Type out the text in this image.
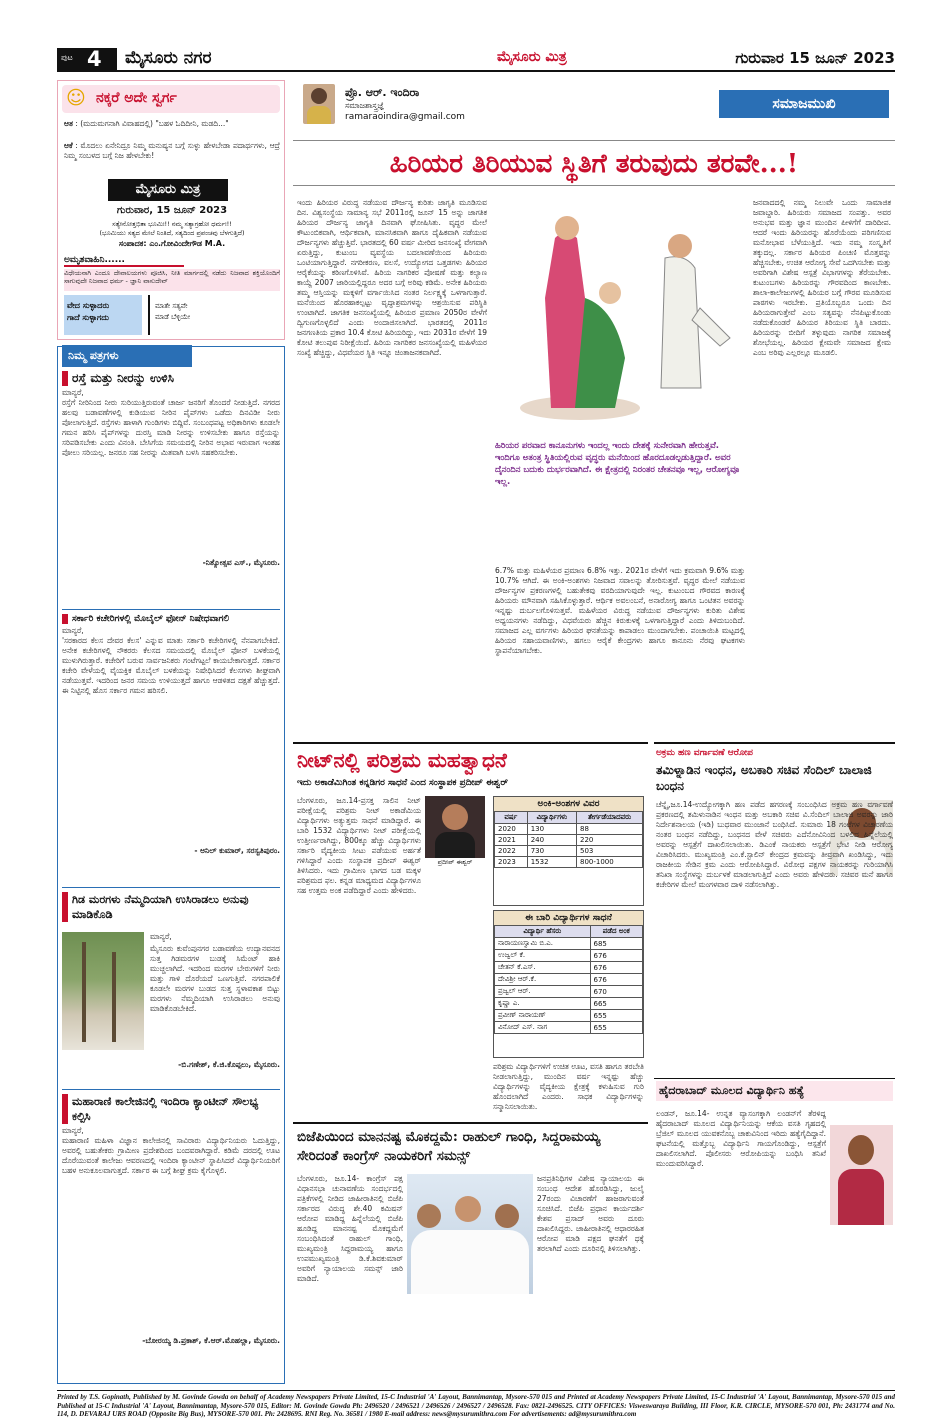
ಪುಟ 4 ಮೈಸೂರು ನಗರ	ಮೈಸೂರು ಮಿತ್ರ	ಗುರುವಾರ 15 ಜೂನ್ 2023
☺ ನಕ್ಕರೆ ಅದೇ ಸ್ವರ್ಗ
ಆತ : (ಮದುಮಗನಾಗಿ ವಿವಾಹದಲ್ಲಿ) "ಬಹಳ ಓದಿದೀನಿ, ಮಡದಿ..."
ಆಕೆ : ಮೊದಲು ಏನೇನಿದ್ರೂ ನಿಮ್ಮ ಮನುಷ್ಯನ ಬಗ್ಗೆ ಸುಳ್ಳು ಹೇಳಬೇಡಾ ಪದಾರ್ಥಗಳು, ಆದ್ರೆ ನಿಮ್ಮ ಸಂಬಳದ ಬಗ್ಗೆ ನಿಜ ಹೇಳಬೇಕು!
ಮೈಸೂರು ಮಿತ್ರ
ಗುರುವಾರ, 15 ಜೂನ್ 2023
ಸತ್ಯೇನೋತ್ತಭಿತಾ ಭೂಮಿಃ!! ನಮ್ಮ ಸತ್ಯಾಗ್ರಹೋ ಧರ್ಮಃ!!
(ಭೂಮಿಯು ಸತ್ಯದ ಮೇಲೆ ನಿಂತಿದೆ, ಸತ್ಯದಿಂದ ಪ್ರಪಂಚವು ಬೆಳಗುತ್ತಿದೆ)
ಸಂಪಾದಕ: ಎಂ.ಗೋವಿಂದೇಗೌಡ M.A.
ಅಮೃತವಾಹಿನಿ......
ವಿಧೇಯನಾಗಿ ಎಂದೂ ದೇವಾಲಯಗಳು ಪೂಜಿಸಿ, ನೀತಿ ಮಾರ್ಗದಲ್ಲಿ ನಡೆದು ನಿಜವಾದ ಶಕ್ತಿಯೊಂದಿಗೆ ಸಾಗುವುದೇ ನಿಜವಾದ ಧರ್ಮ - ಜ್ಞಾನಿ ವಾಸುದೇವ್
ವೇದ ಸುಳ್ಳಾದರು
ಗಾದೆ ಸುಳ್ಳಾಗದು
ಮಾತೇ ಸತ್ಯವೇ
ಮಾಡೆ ಬೆಳ್ಳಿಯೇ
ನಿಮ್ಮ ಪತ್ರಗಳು
ರಸ್ತೆ ಮತ್ತು ನೀರನ್ನು ಉಳಿಸಿ
ಮಾನ್ಯರೆ,
ರಸ್ತೆಗೆ ನೀರಿನಿಂದ ನೀರು ಸುರಿಯುತ್ತಿರುವಂತೆ ಚಾರ್ಜ ಜನರಿಗೆ ತೊಂದರೆ ನೀಡುತ್ತಿದೆ. ನಗರದ ಹಲವು ಬಡಾವಣೆಗಳಲ್ಲಿ ಕುಡಿಯುವ ನೀರಿನ ಪೈಪ್‌ಗಳು ಒಡೆದು ದಿನವಿಡೀ ನೀರು ಪೋಲಾಗುತ್ತಿದೆ. ರಸ್ತೆಗಳು ಹಾಳಾಗಿ ಗುಂಡಿಗಳು ಬಿದ್ದಿವೆ. ಸಂಬಂಧಪಟ್ಟ ಅಧಿಕಾರಿಗಳು ಕೂಡಲೇ ಗಮನ ಹರಿಸಿ ಪೈಪ್‌ಗಳನ್ನು ದುರಸ್ತಿ ಮಾಡಿ ನೀರನ್ನು ಉಳಿಸಬೇಕು ಹಾಗೂ ರಸ್ತೆಯನ್ನು ಸರಿಪಡಿಸಬೇಕು ಎಂದು ವಿನಂತಿ. ಬೇಸಿಗೆಯ ಸಮಯದಲ್ಲಿ ನೀರಿನ ಅಭಾವ ಇರುವಾಗ ಇಂತಹ ಪೋಲು ಸರಿಯಲ್ಲ. ಜನರೂ ಸಹ ನೀರನ್ನು ಮಿತವಾಗಿ ಬಳಸಿ ಸಹಕರಿಸಬೇಕು.
-ನಿತ್ಯೋತ್ಸವ ಎಸ್., ಮೈಸೂರು.
ಸರ್ಕಾರಿ ಕಚೇರಿಗಳಲ್ಲಿ ಮೊಬೈಲ್ ಫೋನ್ ನಿಷೇಧವಾಗಲಿ
ಮಾನ್ಯರೆ,
'ಸರಕಾರದ ಕೆಲಸ ದೇವರ ಕೆಲಸ' ಎನ್ನುವ ಮಾತು ಸರ್ಕಾರಿ ಕಚೇರಿಗಳಲ್ಲಿ ನೆನಪಾಗಬೇಕಿದೆ. ಅನೇಕ ಕಚೇರಿಗಳಲ್ಲಿ ನೌಕರರು ಕೆಲಸದ ಸಮಯದಲ್ಲಿ ಮೊಬೈಲ್ ಫೋನ್ ಬಳಕೆಯಲ್ಲಿ ಮುಳುಗಿರುತ್ತಾರೆ. ಕಚೇರಿಗೆ ಬರುವ ಸಾರ್ವಜನಿಕರು ಗಂಟೆಗಟ್ಟಲೆ ಕಾಯಬೇಕಾಗುತ್ತದೆ. ಸರ್ಕಾರ ಕಚೇರಿ ವೇಳೆಯಲ್ಲಿ ವೈಯಕ್ತಿಕ ಮೊಬೈಲ್ ಬಳಕೆಯನ್ನು ನಿಷೇಧಿಸಿದರೆ ಕೆಲಸಗಳು ಶೀಘ್ರವಾಗಿ ನಡೆಯುತ್ತವೆ. ಇದರಿಂದ ಜನರ ಸಮಯ ಉಳಿಯುತ್ತದೆ ಹಾಗೂ ಆಡಳಿತದ ದಕ್ಷತೆ ಹೆಚ್ಚುತ್ತದೆ. ಈ ನಿಟ್ಟಿನಲ್ಲಿ ಹೊಸ ಸರ್ಕಾರ ಗಮನ ಹರಿಸಲಿ.
- ಅನಿಲ್ ಕುಮಾರ್, ಸರಸ್ವತಿಪುರಂ.
ಗಿಡ ಮರಗಳು ನೆಮ್ಮದಿಯಾಗಿ ಉಸಿರಾಡಲು ಅನುವು ಮಾಡಿಕೊಡಿ
ಮಾನ್ಯರೆ,
ಮೈಸೂರು ಕುವೆಂಪುನಗರ ಬಡಾವಣೆಯ ಉದ್ಯಾನವನದ ಸುತ್ತ ಗಿಡಮರಗಳ ಬುಡಕ್ಕೆ ಸಿಮೆಂಟ್ ಹಾಕಿ ಮುಚ್ಚಲಾಗಿದೆ. ಇದರಿಂದ ಮರಗಳ ಬೇರುಗಳಿಗೆ ನೀರು ಮತ್ತು ಗಾಳಿ ದೊರೆಯದೆ ಒಣಗುತ್ತಿವೆ. ನಗರಪಾಲಿಕೆ ಕೂಡಲೇ ಮರಗಳ ಬುಡದ ಸುತ್ತ ಸ್ಥಳಾವಕಾಶ ಬಿಟ್ಟು ಮರಗಳು ನೆಮ್ಮದಿಯಾಗಿ ಉಸಿರಾಡಲು ಅನುವು ಮಾಡಿಕೊಡಬೇಕಿದೆ.
-ಬಿ.ಗಣೇಶ್, ಕೆ.ಜಿ.ಕೊಪ್ಪಲು, ಮೈಸೂರು.
ಮಹಾರಾಣಿ ಕಾಲೇಜಿನಲ್ಲಿ ಇಂದಿರಾ ಕ್ಯಾಂಟೀನ್ ಸೌಲಭ್ಯ ಕಲ್ಪಿಸಿ
ಮಾನ್ಯರೆ,
ಮಹಾರಾಣಿ ಮಹಿಳಾ ವಿಜ್ಞಾನ ಕಾಲೇಜಿನಲ್ಲಿ ಸಾವಿರಾರು ವಿದ್ಯಾರ್ಥಿನಿಯರು ಓದುತ್ತಿದ್ದು, ಅವರಲ್ಲಿ ಬಹುತೇಕರು ಗ್ರಾಮೀಣ ಪ್ರದೇಶದಿಂದ ಬಂದವರಾಗಿದ್ದಾರೆ. ಕಡಿಮೆ ದರದಲ್ಲಿ ಊಟ ದೊರೆಯುವಂತೆ ಕಾಲೇಜು ಆವರಣದಲ್ಲಿ ಇಂದಿರಾ ಕ್ಯಾಂಟೀನ್ ಸ್ಥಾಪಿಸಿದರೆ ವಿದ್ಯಾರ್ಥಿನಿಯರಿಗೆ ಬಹಳ ಅನುಕೂಲವಾಗುತ್ತದೆ. ಸರ್ಕಾರ ಈ ಬಗ್ಗೆ ಶೀಘ್ರ ಕ್ರಮ ಕೈಗೊಳ್ಳಲಿ.
-ಬೋರಯ್ಯ ಡಿ.ಪ್ರಕಾಶ್, ಕೆ.ಆರ್.ಮೊಹಲ್ಲಾ, ಮೈಸೂರು.
ಪ್ರೊ. ಆರ್. ಇಂದಿರಾ
ಸಮಾಜಶಾಸ್ತ್ರಜ್ಞೆ
ramaraoindira@gmail.com
ಸಮಾಜಮುಖಿ
ಹಿರಿಯರ ತಿರಿಯುವ ಸ್ಥಿತಿಗೆ ತರುವುದು ತರವೇ...!
ಇಂದು ಹಿರಿಯರ ವಿರುದ್ಧ ನಡೆಯುವ ದೌರ್ಜನ್ಯ ಕುರಿತು ಜಾಗೃತಿ ಮೂಡಿಸುವ ದಿನ. ವಿಶ್ವಸಂಸ್ಥೆಯ ಸಾಮಾನ್ಯ ಸಭೆ 2011ರಲ್ಲಿ ಜೂನ್ 15 ಅನ್ನು ಜಾಗತಿಕ ಹಿರಿಯರ ದೌರ್ಜನ್ಯ ಜಾಗೃತಿ ದಿನವಾಗಿ ಘೋಷಿಸಿತು. ವೃದ್ಧರ ಮೇಲೆ ಕೌಟುಂಬಿಕವಾಗಿ, ಆರ್ಥಿಕವಾಗಿ, ಮಾನಸಿಕವಾಗಿ ಹಾಗೂ ದೈಹಿಕವಾಗಿ ನಡೆಯುವ ದೌರ್ಜನ್ಯಗಳು ಹೆಚ್ಚುತ್ತಿವೆ. ಭಾರತದಲ್ಲಿ 60 ವರ್ಷ ಮೀರಿದ ಜನಸಂಖ್ಯೆ ವೇಗವಾಗಿ ಏರುತ್ತಿದ್ದು, ಕುಟುಂಬ ವ್ಯವಸ್ಥೆಯ ಬದಲಾವಣೆಯಿಂದ ಹಿರಿಯರು ಒಂಟಿಯಾಗುತ್ತಿದ್ದಾರೆ. ನಗರೀಕರಣ, ವಲಸೆ, ಉದ್ಯೋಗದ ಒತ್ತಡಗಳು ಹಿರಿಯರ ಆರೈಕೆಯನ್ನು ಕಠಿಣಗೊಳಿಸಿವೆ. ಹಿರಿಯ ನಾಗರಿಕರ ಪೋಷಣೆ ಮತ್ತು ಕಲ್ಯಾಣ ಕಾಯ್ದೆ 2007 ಜಾರಿಯಲ್ಲಿದ್ದರೂ ಅದರ ಬಗ್ಗೆ ಅರಿವು ಕಡಿಮೆ. ಅನೇಕ ಹಿರಿಯರು ತಮ್ಮ ಆಸ್ತಿಯನ್ನು ಮಕ್ಕಳಿಗೆ ವರ್ಗಾಯಿಸಿದ ನಂತರ ನಿರ್ಲಕ್ಷ್ಯಕ್ಕೆ ಒಳಗಾಗುತ್ತಾರೆ. ಮನೆಯಿಂದ ಹೊರಹಾಕಲ್ಪಟ್ಟು ವೃದ್ಧಾಶ್ರಮಗಳನ್ನು ಆಶ್ರಯಿಸುವ ಪರಿಸ್ಥಿತಿ ಉಂಟಾಗಿದೆ. ಜಾಗತಿಕ ಜನಸಂಖ್ಯೆಯಲ್ಲಿ ಹಿರಿಯರ ಪ್ರಮಾಣ 2050ರ ವೇಳೆಗೆ ದ್ವಿಗುಣಗೊಳ್ಳಲಿದೆ ಎಂದು ಅಂದಾಜಿಸಲಾಗಿದೆ. ಭಾರತದಲ್ಲಿ 2011ರ ಜನಗಣತಿಯ ಪ್ರಕಾರ 10.4 ಕೋಟಿ ಹಿರಿಯರಿದ್ದು, ಇದು 2031ರ ವೇಳೆಗೆ 19 ಕೋಟಿ ತಲುಪುವ ನಿರೀಕ್ಷೆಯಿದೆ. ಹಿರಿಯ ನಾಗರಿಕರ ಜನಸಂಖ್ಯೆಯಲ್ಲಿ ಮಹಿಳೆಯರ ಸಂಖ್ಯೆ ಹೆಚ್ಚಿದ್ದು, ವಿಧವೆಯರ ಸ್ಥಿತಿ ಇನ್ನೂ ಚಿಂತಾಜನಕವಾಗಿದೆ.
ಹಿರಿಯರ ಪರವಾದ ಕಾನೂನುಗಳು ಇಂದಲ್ಲ ಇಂದು ದೇಶಕ್ಕೆ ಸುನೇರವಾಗಿ ಹೇರುತ್ತವೆ. ಇಂದಿಗೂ ಅತಂತ್ರ ಸ್ಥಿತಿಯಲ್ಲಿರುವ ವೃದ್ಧರು ಮನೆಯಿಂದ ಹೊರದೂಡಲ್ಪಡುತ್ತಿದ್ದಾರೆ. ಅವರ ದೈನಂದಿನ ಬದುಕು ದುರ್ಭರವಾಗಿದೆ. ಈ ಕ್ಷೇತ್ರದಲ್ಲಿ ನಿರಂತರ ಚೇತನವೂ ಇಲ್ಲ, ಆರೋಗ್ಯವೂ ಇಲ್ಲ.
ಜನವಾದದಲ್ಲಿ ನಮ್ಮ ನಿಲುವೇ ಒಂದು ಸಾಮಾಜಿಕ ಜವಾಬ್ದಾರಿ. ಹಿರಿಯರು ಸಮಾಜದ ಸಂಪತ್ತು. ಅವರ ಅನುಭವ ಮತ್ತು ಜ್ಞಾನ ಮುಂದಿನ ಪೀಳಿಗೆಗೆ ದಾರಿದೀಪ. ಆದರೆ ಇಂದು ಹಿರಿಯರನ್ನು ಹೊರೆಯೆಂದು ಪರಿಗಣಿಸುವ ಮನೋಭಾವ ಬೆಳೆಯುತ್ತಿದೆ. ಇದು ನಮ್ಮ ಸಂಸ್ಕೃತಿಗೆ ತಕ್ಕುದಲ್ಲ. ಸರ್ಕಾರ ಹಿರಿಯರ ಪಿಂಚಣಿ ಮೊತ್ತವನ್ನು ಹೆಚ್ಚಿಸಬೇಕು, ಉಚಿತ ಆರೋಗ್ಯ ಸೇವೆ ಒದಗಿಸಬೇಕು ಮತ್ತು ಅವರಿಗಾಗಿ ವಿಶೇಷ ಆಸ್ಪತ್ರೆ ವಿಭಾಗಗಳನ್ನು ತೆರೆಯಬೇಕು. ಕುಟುಂಬಗಳು ಹಿರಿಯರನ್ನು ಗೌರವದಿಂದ ಕಾಣಬೇಕು. ಶಾಲಾ-ಕಾಲೇಜುಗಳಲ್ಲಿ ಹಿರಿಯರ ಬಗ್ಗೆ ಗೌರವ ಮೂಡಿಸುವ ಪಾಠಗಳು ಇರಬೇಕು. ಪ್ರತಿಯೊಬ್ಬರೂ ಒಂದು ದಿನ ಹಿರಿಯರಾಗುತ್ತೇವೆ ಎಂಬ ಸತ್ಯವನ್ನು ನೆನಪಿಟ್ಟುಕೊಂಡು ನಡೆದುಕೊಂಡರೆ ಹಿರಿಯರ ತಿರಿಯುವ ಸ್ಥಿತಿ ಬಾರದು. ಹಿರಿಯರನ್ನು ಬೀದಿಗೆ ತಳ್ಳುವುದು ನಾಗರಿಕ ಸಮಾಜಕ್ಕೆ ಶೋಭೆಯಲ್ಲ. ಹಿರಿಯರ ಕ್ಷೇಮವೇ ಸಮಾಜದ ಕ್ಷೇಮ ಎಂಬ ಅರಿವು ಎಲ್ಲರಲ್ಲೂ ಮೂಡಲಿ.
6.7% ಮತ್ತು ಮಹಿಳೆಯರ ಪ್ರಮಾಣ 6.8% ಇತ್ತು. 2021ರ ವೇಳೆಗೆ ಇದು ಕ್ರಮವಾಗಿ 9.6% ಮತ್ತು 10.7% ಆಗಿದೆ. ಈ ಅಂಕಿ-ಅಂಶಗಳು ನಿಜವಾದ ಸವಾಲನ್ನು ತೋರಿಸುತ್ತವೆ. ವೃದ್ಧರ ಮೇಲೆ ನಡೆಯುವ ದೌರ್ಜನ್ಯಗಳ ಪ್ರಕರಣಗಳಲ್ಲಿ ಬಹುತೇಕವು ವರದಿಯಾಗುವುದೇ ಇಲ್ಲ. ಕುಟುಂಬದ ಗೌರವದ ಕಾರಣಕ್ಕೆ ಹಿರಿಯರು ಮೌನವಾಗಿ ಸಹಿಸಿಕೊಳ್ಳುತ್ತಾರೆ. ಆರ್ಥಿಕ ಅವಲಂಬನೆ, ಅನಾರೋಗ್ಯ ಹಾಗೂ ಒಂಟಿತನ ಅವರನ್ನು ಇನ್ನಷ್ಟು ದುರ್ಬಲಗೊಳಿಸುತ್ತವೆ. ಮಹಿಳೆಯರ ವಿರುದ್ಧ ನಡೆಯುವ ದೌರ್ಜನ್ಯಗಳು ಕುರಿತು ವಿಶೇಷ ಅಧ್ಯಯನಗಳು ನಡೆದಿದ್ದು, ವಿಧವೆಯರು ಹೆಚ್ಚಿನ ಕಿರುಕುಳಕ್ಕೆ ಒಳಗಾಗುತ್ತಿದ್ದಾರೆ ಎಂದು ತಿಳಿದುಬಂದಿದೆ. ಸಮಾಜದ ಎಲ್ಲ ವರ್ಗಗಳು ಹಿರಿಯರ ಘನತೆಯನ್ನು ಕಾಪಾಡಲು ಮುಂದಾಗಬೇಕು. ಪಂಚಾಯಿತಿ ಮಟ್ಟದಲ್ಲಿ ಹಿರಿಯರ ಸಹಾಯವಾಣಿಗಳು, ಹಗಲು ಆರೈಕೆ ಕೇಂದ್ರಗಳು ಹಾಗೂ ಕಾನೂನು ನೆರವು ಘಟಕಗಳು ಸ್ಥಾಪನೆಯಾಗಬೇಕು.
ನೀಟ್‌ನಲ್ಲಿ ಪರಿಶ್ರಮ ಮಹತ್ವಾಧನೆ
ಇದು ಅಕಾಡೆಮಿಗಿಂತ ಕನ್ನಡಿಗರ ಸಾಧನೆ ಎಂದ ಸಂಸ್ಥಾಪಕ ಪ್ರದೀಪ್ ಈಶ್ವರ್
ಪ್ರದೀಪ್ ಈಶ್ವರ್
ಬೆಂಗಳೂರು, ಜೂ.14-ಪ್ರಸಕ್ತ ಸಾಲಿನ ನೀಟ್ ಪರೀಕ್ಷೆಯಲ್ಲಿ ಪರಿಶ್ರಮ ನೀಟ್ ಅಕಾಡೆಮಿಯ ವಿದ್ಯಾರ್ಥಿಗಳು ಅತ್ಯುತ್ತಮ ಸಾಧನೆ ಮಾಡಿದ್ದಾರೆ. ಈ ಬಾರಿ 1532 ವಿದ್ಯಾರ್ಥಿಗಳು ನೀಟ್ ಪರೀಕ್ಷೆಯಲ್ಲಿ ಉತ್ತೀರ್ಣರಾಗಿದ್ದು, 800ಕ್ಕೂ ಹೆಚ್ಚು ವಿದ್ಯಾರ್ಥಿಗಳು ಸರ್ಕಾರಿ ವೈದ್ಯಕೀಯ ಸೀಟು ಪಡೆಯುವ ಅರ್ಹತೆ ಗಳಿಸಿದ್ದಾರೆ ಎಂದು ಸಂಸ್ಥಾಪಕ ಪ್ರದೀಪ್ ಈಶ್ವರ್ ತಿಳಿಸಿದರು. ಇದು ಗ್ರಾಮೀಣ ಭಾಗದ ಬಡ ಮಕ್ಕಳ ಪರಿಶ್ರಮದ ಫಲ. ಕನ್ನಡ ಮಾಧ್ಯಮದ ವಿದ್ಯಾರ್ಥಿಗಳೂ ಸಹ ಉತ್ತಮ ಅಂಕ ಪಡೆದಿದ್ದಾರೆ ಎಂದು ಹೇಳಿದರು.
ಅಂಕಿ-ಅಂಶಗಳ ವಿವರ
ವರ್ಷ	ವಿದ್ಯಾರ್ಥಿಗಳು	ತೇರ್ಗಡೆಯಾದವರು
2020	130	88
2021	240	220
2022	730	503
2023	1532	800-1000
ಈ ಬಾರಿ ವಿದ್ಯಾರ್ಥಿಗಳ ಸಾಧನೆ
ವಿದ್ಯಾರ್ಥಿ ಹೆಸರು	ಪಡೆದ ಅಂಕ
ನಾರಾಯಣಸ್ವಾಮಿ ಬಿ.ಎ.	685
ಉಜ್ವಲ್ ಕೆ.	676
ಚೇತನ್ ಕೆ.ಎಸ್.	676
ದೇವಿಶ್ರೀ ಆರ್.ಕೆ.	676
ಪ್ರಜ್ವಲ್ ಆರ್.	670
ಕೃಷ್ಣಾ ಎ.	665
ಪ್ರವೀಣ್ ನಾರಾಯಣ್	655
ವಿನೋದ್ ಎಸ್. ನಾಗ	655
ಪರಿಶ್ರಮ ವಿದ್ಯಾರ್ಥಿಗಳಿಗೆ ಉಚಿತ ಊಟ, ವಸತಿ ಹಾಗೂ ತರಬೇತಿ ನೀಡಲಾಗುತ್ತಿದ್ದು, ಮುಂದಿನ ವರ್ಷ ಇನ್ನಷ್ಟು ಹೆಚ್ಚು ವಿದ್ಯಾರ್ಥಿಗಳನ್ನು ವೈದ್ಯಕೀಯ ಕ್ಷೇತ್ರಕ್ಕೆ ಕಳುಹಿಸುವ ಗುರಿ ಹೊಂದಲಾಗಿದೆ ಎಂದರು. ಸಾಧಕ ವಿದ್ಯಾರ್ಥಿಗಳನ್ನು ಸನ್ಮಾನಿಸಲಾಯಿತು.
ಅಕ್ರಮ ಹಣ ವರ್ಗಾವಣೆ ಆರೋಪ
ತಮಿಳ್ನಾಡಿನ ಇಂಧನ, ಅಬಕಾರಿ ಸಚಿವ ಸೆಂದಿಲ್ ಬಾಲಾಜಿ ಬಂಧನ
ಚೆನ್ನೈ,ಜೂ.14-ಉದ್ಯೋಗಕ್ಕಾಗಿ ಹಣ ಪಡೆದ ಹಗರಣಕ್ಕೆ ಸಂಬಂಧಿಸಿದ ಅಕ್ರಮ ಹಣ ವರ್ಗಾವಣೆ ಪ್ರಕರಣದಲ್ಲಿ ತಮಿಳುನಾಡಿನ ಇಂಧನ ಮತ್ತು ಅಬಕಾರಿ ಸಚಿವ ವಿ.ಸೆಂದಿಲ್ ಬಾಲಾಜಿ ಅವರನ್ನು ಜಾರಿ ನಿರ್ದೇಶನಾಲಯ (ಇಡಿ) ಬುಧವಾರ ಮುಂಜಾನೆ ಬಂಧಿಸಿದೆ. ಸುಮಾರು 18 ಗಂಟೆಗಳ ವಿಚಾರಣೆಯ ನಂತರ ಬಂಧನ ನಡೆದಿದ್ದು, ಬಂಧನದ ವೇಳೆ ಸಚಿವರು ಎದೆನೋವಿನಿಂದ ಬಳಲಿದ ಹಿನ್ನೆಲೆಯಲ್ಲಿ ಅವರನ್ನು ಆಸ್ಪತ್ರೆಗೆ ದಾಖಲಿಸಲಾಯಿತು. ಡಿಎಂಕೆ ನಾಯಕರು ಆಸ್ಪತ್ರೆಗೆ ಭೇಟಿ ನೀಡಿ ಆರೋಗ್ಯ ವಿಚಾರಿಸಿದರು. ಮುಖ್ಯಮಂತ್ರಿ ಎಂ.ಕೆ.ಸ್ಟಾಲಿನ್ ಕೇಂದ್ರದ ಕ್ರಮವನ್ನು ತೀವ್ರವಾಗಿ ಖಂಡಿಸಿದ್ದು, ಇದು ರಾಜಕೀಯ ಸೇಡಿನ ಕ್ರಮ ಎಂದು ಆರೋಪಿಸಿದ್ದಾರೆ. ವಿರೋಧ ಪಕ್ಷಗಳ ನಾಯಕರನ್ನು ಗುರಿಯಾಗಿಸಿ ತನಿಖಾ ಸಂಸ್ಥೆಗಳನ್ನು ದುರ್ಬಳಕೆ ಮಾಡಲಾಗುತ್ತಿದೆ ಎಂದು ಅವರು ಹೇಳಿದರು. ಸಚಿವರ ಮನೆ ಹಾಗೂ ಕಚೇರಿಗಳ ಮೇಲೆ ಮಂಗಳವಾರ ದಾಳಿ ನಡೆಸಲಾಗಿತ್ತು.
ಹೈದರಾಬಾದ್ ಮೂಲದ ವಿದ್ಯಾರ್ಥಿನಿ ಹತ್ಯೆ
ಲಂಡನ್, ಜೂ.14- ಉನ್ನತ ವ್ಯಾಸಂಗಕ್ಕಾಗಿ ಲಂಡನ್‌ಗೆ ತೆರಳಿದ್ದ ಹೈದರಾಬಾದ್ ಮೂಲದ ವಿದ್ಯಾರ್ಥಿನಿಯನ್ನು ಆಕೆಯ ವಸತಿ ಗೃಹದಲ್ಲಿ ಬ್ರೆಜಿಲ್ ಮೂಲದ ಯುವಕನೊಬ್ಬ ಚಾಕುವಿನಿಂದ ಇರಿದು ಹತ್ಯೆಗೈದಿದ್ದಾನೆ. ಘಟನೆಯಲ್ಲಿ ಮತ್ತೊಬ್ಬ ವಿದ್ಯಾರ್ಥಿನಿ ಗಾಯಗೊಂಡಿದ್ದು, ಆಸ್ಪತ್ರೆಗೆ ದಾಖಲಿಸಲಾಗಿದೆ. ಪೊಲೀಸರು ಆರೋಪಿಯನ್ನು ಬಂಧಿಸಿ ತನಿಖೆ ಮುಂದುವರಿಸಿದ್ದಾರೆ.
ಬಿಜೆಪಿಯಿಂದ ಮಾನನಷ್ಟ ಮೊಕದ್ದಮೆ: ರಾಹುಲ್ ಗಾಂಧಿ, ಸಿದ್ದರಾಮಯ್ಯ ಸೇರಿದಂತೆ ಕಾಂಗ್ರೆಸ್ ನಾಯಕರಿಗೆ ಸಮನ್ಸ್
ಬೆಂಗಳೂರು, ಜೂ.14- ಕಾಂಗ್ರೆಸ್ ಪಕ್ಷ ವಿಧಾನಸಭಾ ಚುನಾವಣೆಯ ಸಂದರ್ಭದಲ್ಲಿ ಪತ್ರಿಕೆಗಳಲ್ಲಿ ನೀಡಿದ ಜಾಹೀರಾತಿನಲ್ಲಿ ಬಿಜೆಪಿ ಸರ್ಕಾರದ ವಿರುದ್ಧ ಶೇ.40 ಕಮಿಷನ್ ಆರೋಪ ಮಾಡಿದ್ದ ಹಿನ್ನೆಲೆಯಲ್ಲಿ ಬಿಜೆಪಿ ಹೂಡಿದ್ದ ಮಾನನಷ್ಟ ಮೊಕದ್ದಮೆಗೆ ಸಂಬಂಧಿಸಿದಂತೆ ರಾಹುಲ್ ಗಾಂಧಿ, ಮುಖ್ಯಮಂತ್ರಿ ಸಿದ್ದರಾಮಯ್ಯ ಹಾಗೂ ಉಪಮುಖ್ಯಮಂತ್ರಿ ಡಿ.ಕೆ.ಶಿವಕುಮಾರ್ ಅವರಿಗೆ ನ್ಯಾಯಾಲಯ ಸಮನ್ಸ್ ಜಾರಿ ಮಾಡಿದೆ.
ಜನಪ್ರತಿನಿಧಿಗಳ ವಿಶೇಷ ನ್ಯಾಯಾಲಯ ಈ ಸಂಬಂಧ ಆದೇಶ ಹೊರಡಿಸಿದ್ದು, ಜುಲೈ 27ರಂದು ವಿಚಾರಣೆಗೆ ಹಾಜರಾಗುವಂತೆ ಸೂಚಿಸಿದೆ. ಬಿಜೆಪಿ ಪ್ರಧಾನ ಕಾರ್ಯದರ್ಶಿ ಕೇಶವ ಪ್ರಸಾದ್ ಅವರು ದೂರು ದಾಖಲಿಸಿದ್ದರು. ಜಾಹೀರಾತಿನಲ್ಲಿ ಆಧಾರರಹಿತ ಆರೋಪ ಮಾಡಿ ಪಕ್ಷದ ಘನತೆಗೆ ಧಕ್ಕೆ ತರಲಾಗಿದೆ ಎಂದು ದೂರಿನಲ್ಲಿ ತಿಳಿಸಲಾಗಿತ್ತು.
Printed by T.S. Gopinath, Published by M. Govinde Gowda on behalf of Academy Newspapers Private Limited, 15-C Industrial 'A' Layout, Bannimantap, Mysore-570 015 and Printed at Academy Newspapers Private Limited, 15-C Industrial 'A' Layout, Bannimantap, Mysore-570 015 and Published at 15-C Industrial 'A' Layout, Bannimantap, Mysore-570 015, Editor: M. Govinde Gowda Ph: 2496520 / 2496521 / 2496526 / 2496527 / 2496528. Fax: 0821-2496525. CITY OFFICES: Visweswaraya Building, III Floor, K.R. CIRCLE, MYSORE-570 001, Ph: 2431774 and No. 114, D. DEVARAJ URS ROAD (Opposite Big Bus), MYSORE-570 001. Ph: 2428695. RNI Reg. No. 36581 / 1980 E-mail address: news@mysurumithra.com For advertisements: ad@mysurumithra.com
